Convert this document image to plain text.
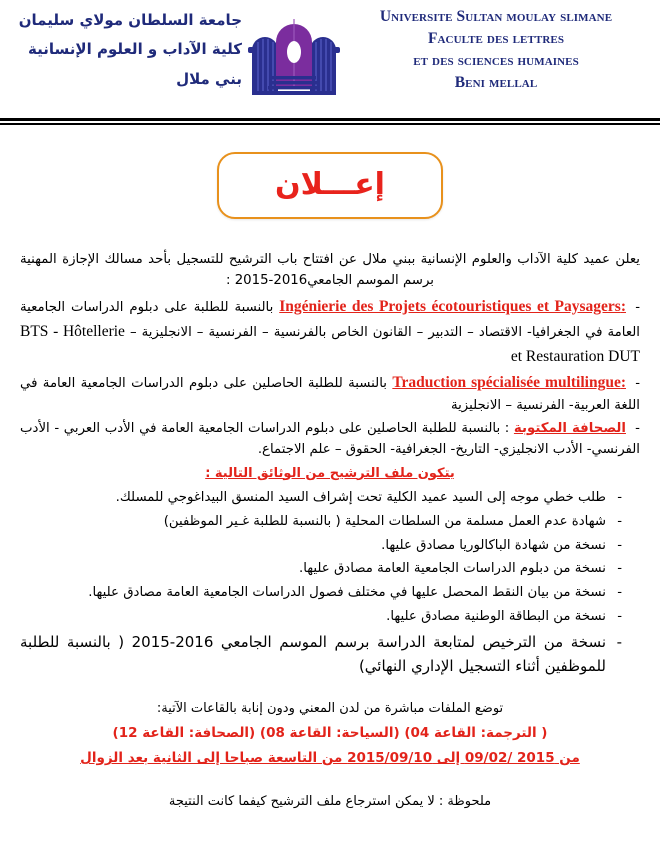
Universite Sultan moulay slimane
Faculte des lettres
et des sciences humaines
Beni mellal
جامعة السلطان مولاي سليمان
كلية الآداب و العلوم الإنسانية
بني ملال
إعـــلان

يعلن عميد كلية الآداب والعلوم الإنسانية ببني ملال عن افتتاح باب الترشيح للتسجيل بأحد مسالك الإجازة المهنية برسم الموسم الجامعي2015-2016 :

-Ingénierie des Projets écotouristiques et Paysagers: بالنسبة للطلبة على دبلوم الدراسات الجامعية العامة في الجغرافيا- الاقتصاد – التدبير – القانون الخاص بالفرنسية – الفرنسية – الانجليزية – BTS - Hôtellerie et Restauration DUT
-Traduction spécialisée multilingue: بالنسبة للطلبة الحاصلين على دبلوم الدراسات الجامعية العامة في اللغة العربية- الفرنسية – الانجليزية
-الصحافة المكتوبة : بالنسبة للطلبة الحاصلين على دبلوم الدراسات الجامعية العامة في الأدب العربي - الأدب الفرنسي- الأدب الانجليزي- التاريخ- الجغرافية- الحقوق – علم الاجتماع.
يتكون ملف الترشيح من الوثائق التالية :
- طلب خطي موجه إلى السيد عميد الكلية تحت إشراف السيد المنسق البيداغوجي للمسلك.
- شهادة عدم العمل مسلمة من السلطات المحلية ( بالنسبة للطلبة غـير الموظفين)
- نسخة من شهادة الباكالوريا مصادق عليها.
- نسخة من دبلوم الدراسات الجامعية العامة مصادق عليها.
- نسخة من بيان النقط المحصل عليها في مختلف فصول الدراسات الجامعية العامة مصادق عليها.
- نسخة من البطاقة الوطنية مصادق عليها.
- نسخة من الترخيص لمتابعة الدراسة برسم الموسم الجامعي 2015-2016 ( بالنسبة للطلبة للموظفين أثناء التسجيل الإداري النهائي)
توضع الملفات مباشرة من لدن المعني ودون إنابة بالقاعات الآتية:
( الترجمة: القاعة 04) (السياحة: القاعة 08) (الصحافة: القاعة 12)
من 2015 /09/02 إلى 2015/09/10 من التاسعة صباحا إلى الثانية بعد الزوال
ملحوظة : لا يمكن استرجاع ملف الترشيح كيفما كانت النتيجة
